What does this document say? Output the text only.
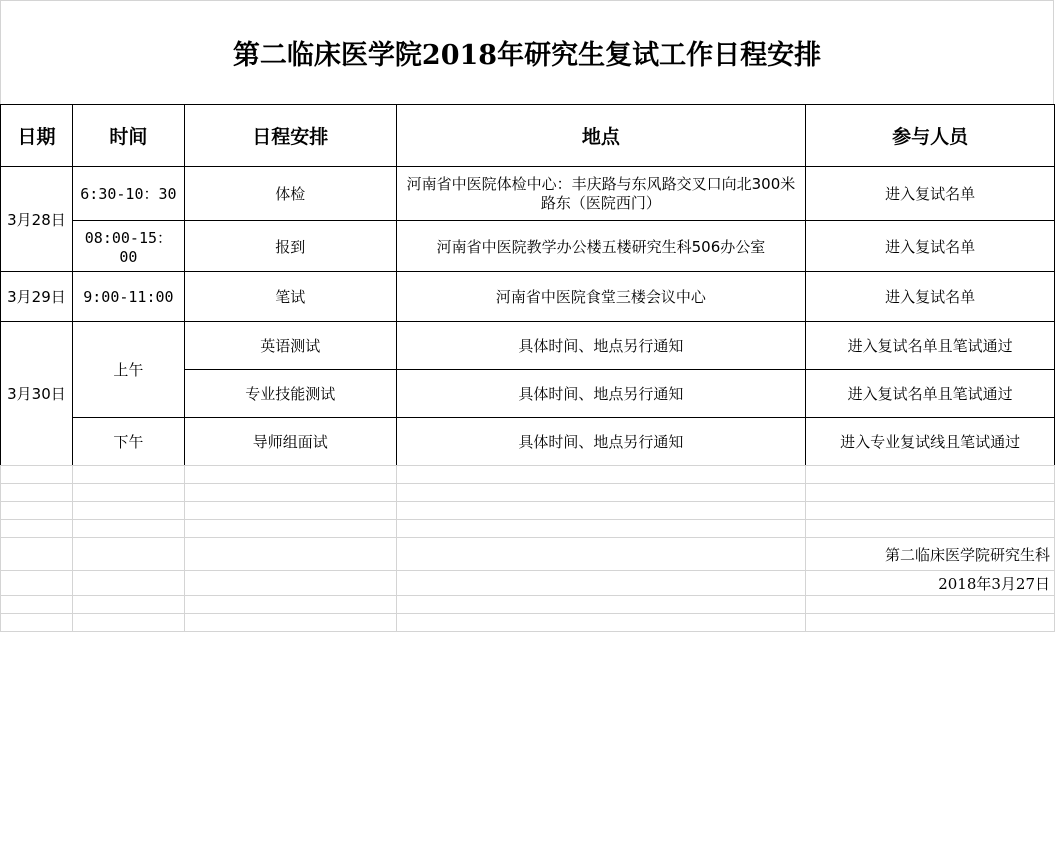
第二临床医学院2018年研究生复试工作日程安排
日期	时间	日程安排	地点	参与人员
3月28日	6:30-10：30	体检	河南省中医院体检中心：丰庆路与东风路交叉口向北300米路东（医院西门）	进入复试名单
	08:00-15：00	报到	河南省中医院教学办公楼五楼研究生科506办公室	进入复试名单
3月29日	9:00-11:00	笔试	河南省中医院食堂三楼会议中心	进入复试名单
3月30日	上午	英语测试	具体时间、地点另行通知	进入复试名单且笔试通过
		专业技能测试	具体时间、地点另行通知	进入复试名单且笔试通过
	下午	导师组面试	具体时间、地点另行通知	进入专业复试线且笔试通过

				第二临床医学院研究生科
				2018年3月27日
